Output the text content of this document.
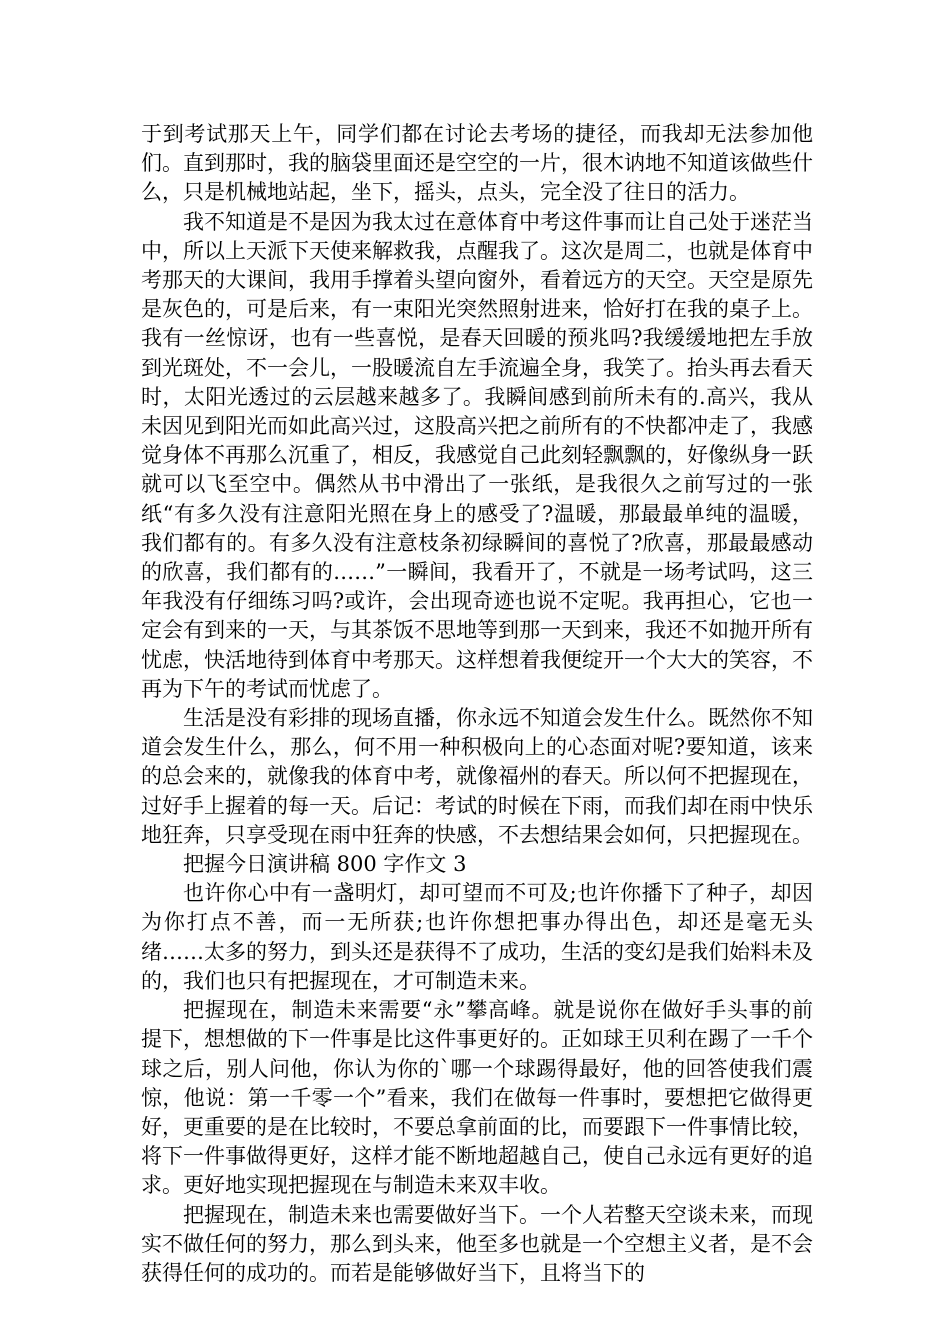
于到考试那天上午，同学们都在讨论去考场的捷径，而我却无法参加他们。直到那时，我的脑袋里面还是空空的一片，很木讷地不知道该做些什么，只是机械地站起，坐下，摇头，点头，完全没了往日的活力。

我不知道是不是因为我太过在意体育中考这件事而让自己处于迷茫当中，所以上天派下天使来解救我，点醒我了。这次是周二，也就是体育中考那天的大课间，我用手撑着头望向窗外，看着远方的天空。天空是原先是灰色的，可是后来，有一束阳光突然照射进来，恰好打在我的桌子上。我有一丝惊讶，也有一些喜悦，是春天回暖的预兆吗?我缓缓地把左手放到光斑处，不一会儿，一股暖流自左手流遍全身，我笑了。抬头再去看天时，太阳光透过的云层越来越多了。我瞬间感到前所未有的.高兴，我从未因见到阳光而如此高兴过，这股高兴把之前所有的不快都冲走了，我感觉身体不再那么沉重了，相反，我感觉自己此刻轻飘飘的，好像纵身一跃就可以飞至空中。偶然从书中滑出了一张纸，是我很久之前写过的一张纸“有多久没有注意阳光照在身上的感受了?温暖，那最最单纯的温暖，我们都有的。有多久没有注意枝条初绿瞬间的喜悦了?欣喜，那最最感动的欣喜，我们都有的……”一瞬间，我看开了，不就是一场考试吗，这三年我没有仔细练习吗?或许，会出现奇迹也说不定呢。我再担心，它也一定会有到来的一天，与其茶饭不思地等到那一天到来，我还不如抛开所有忧虑，快活地待到体育中考那天。这样想着我便绽开一个大大的笑容，不再为下午的考试而忧虑了。

生活是没有彩排的现场直播，你永远不知道会发生什么。既然你不知道会发生什么，那么，何不用一种积极向上的心态面对呢?要知道，该来的总会来的，就像我的体育中考，就像福州的春天。所以何不把握现在，过好手上握着的每一天。后记：考试的时候在下雨，而我们却在雨中快乐地狂奔，只享受现在雨中狂奔的快感，不去想结果会如何，只把握现在。

把握今日演讲稿 800 字作文 3

也许你心中有一盏明灯，却可望而不可及;也许你播下了种子，却因为你打点不善，而一无所获;也许你想把事办得出色，却还是毫无头绪……太多的努力，到头还是获得不了成功，生活的变幻是我们始料未及的，我们也只有把握现在，才可制造未来。

把握现在，制造未来需要“永”攀高峰。就是说你在做好手头事的前提下，想想做的下一件事是比这件事更好的。正如球王贝利在踢了一千个球之后，别人问他，你认为你的`哪一个球踢得最好，他的回答使我们震惊，他说：第一千零一个”看来，我们在做每一件事时，要想把它做得更好，更重要的是在比较时，不要总拿前面的比，而要跟下一件事情比较，将下一件事做得更好，这样才能不断地超越自己，使自己永远有更好的追求。更好地实现把握现在与制造未来双丰收。

把握现在，制造未来也需要做好当下。一个人若整天空谈未来，而现实不做任何的努力，那么到头来，他至多也就是一个空想主义者，是不会获得任何的成功的。而若是能够做好当下，且将当下的
